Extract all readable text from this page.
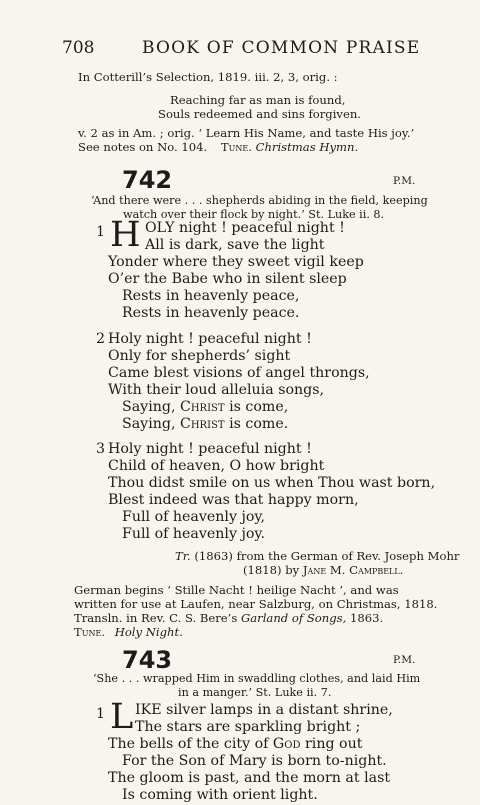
708	BOOK OF COMMON PRAISE
In Cotterill’s Selection, 1819. iii. 2, 3, orig. :
Reaching far as man is found,
Souls redeemed and sins forgiven.
v. 2 as in Am. ; orig. ‘ Learn His Name, and taste His joy.’
See notes on No. 104. Tune. Christmas Hymn.
742	P.M.
‘And there were . . . shepherds abiding in the field, keeping
watch over their flock by night.’ St. Luke ii. 8.
1 H OLY night ! peaceful night !
All is dark, save the light
Yonder where they sweet vigil keep
O’er the Babe who in silent sleep
Rests in heavenly peace,
Rests in heavenly peace.
2 Holy night ! peaceful night !
Only for shepherds’ sight
Came blest visions of angel throngs,
With their loud alleluia songs,
Saying, Christ is come,
Saying, Christ is come.
3 Holy night ! peaceful night !
Child of heaven, O how bright
Thou didst smile on us when Thou wast born,
Blest indeed was that happy morn,
Full of heavenly joy,
Full of heavenly joy.
Tr. (1863) from the German of Rev. Joseph Mohr
(1818) by Jane M. Campbell.
German begins ‘ Stille Nacht ! heilige Nacht ’, and was
written for use at Laufen, near Salzburg, on Christmas, 1818.
Transln. in Rev. C. S. Bere’s Garland of Songs, 1863.
Tune. Holy Night.
743	P.M.
‘She . . . wrapped Him in swaddling clothes, and laid Him
in a manger.’ St. Luke ii. 7.
1 L IKE silver lamps in a distant shrine,
The stars are sparkling bright ;
The bells of the city of God ring out
For the Son of Mary is born to-night.
The gloom is past, and the morn at last
Is coming with orient light.
